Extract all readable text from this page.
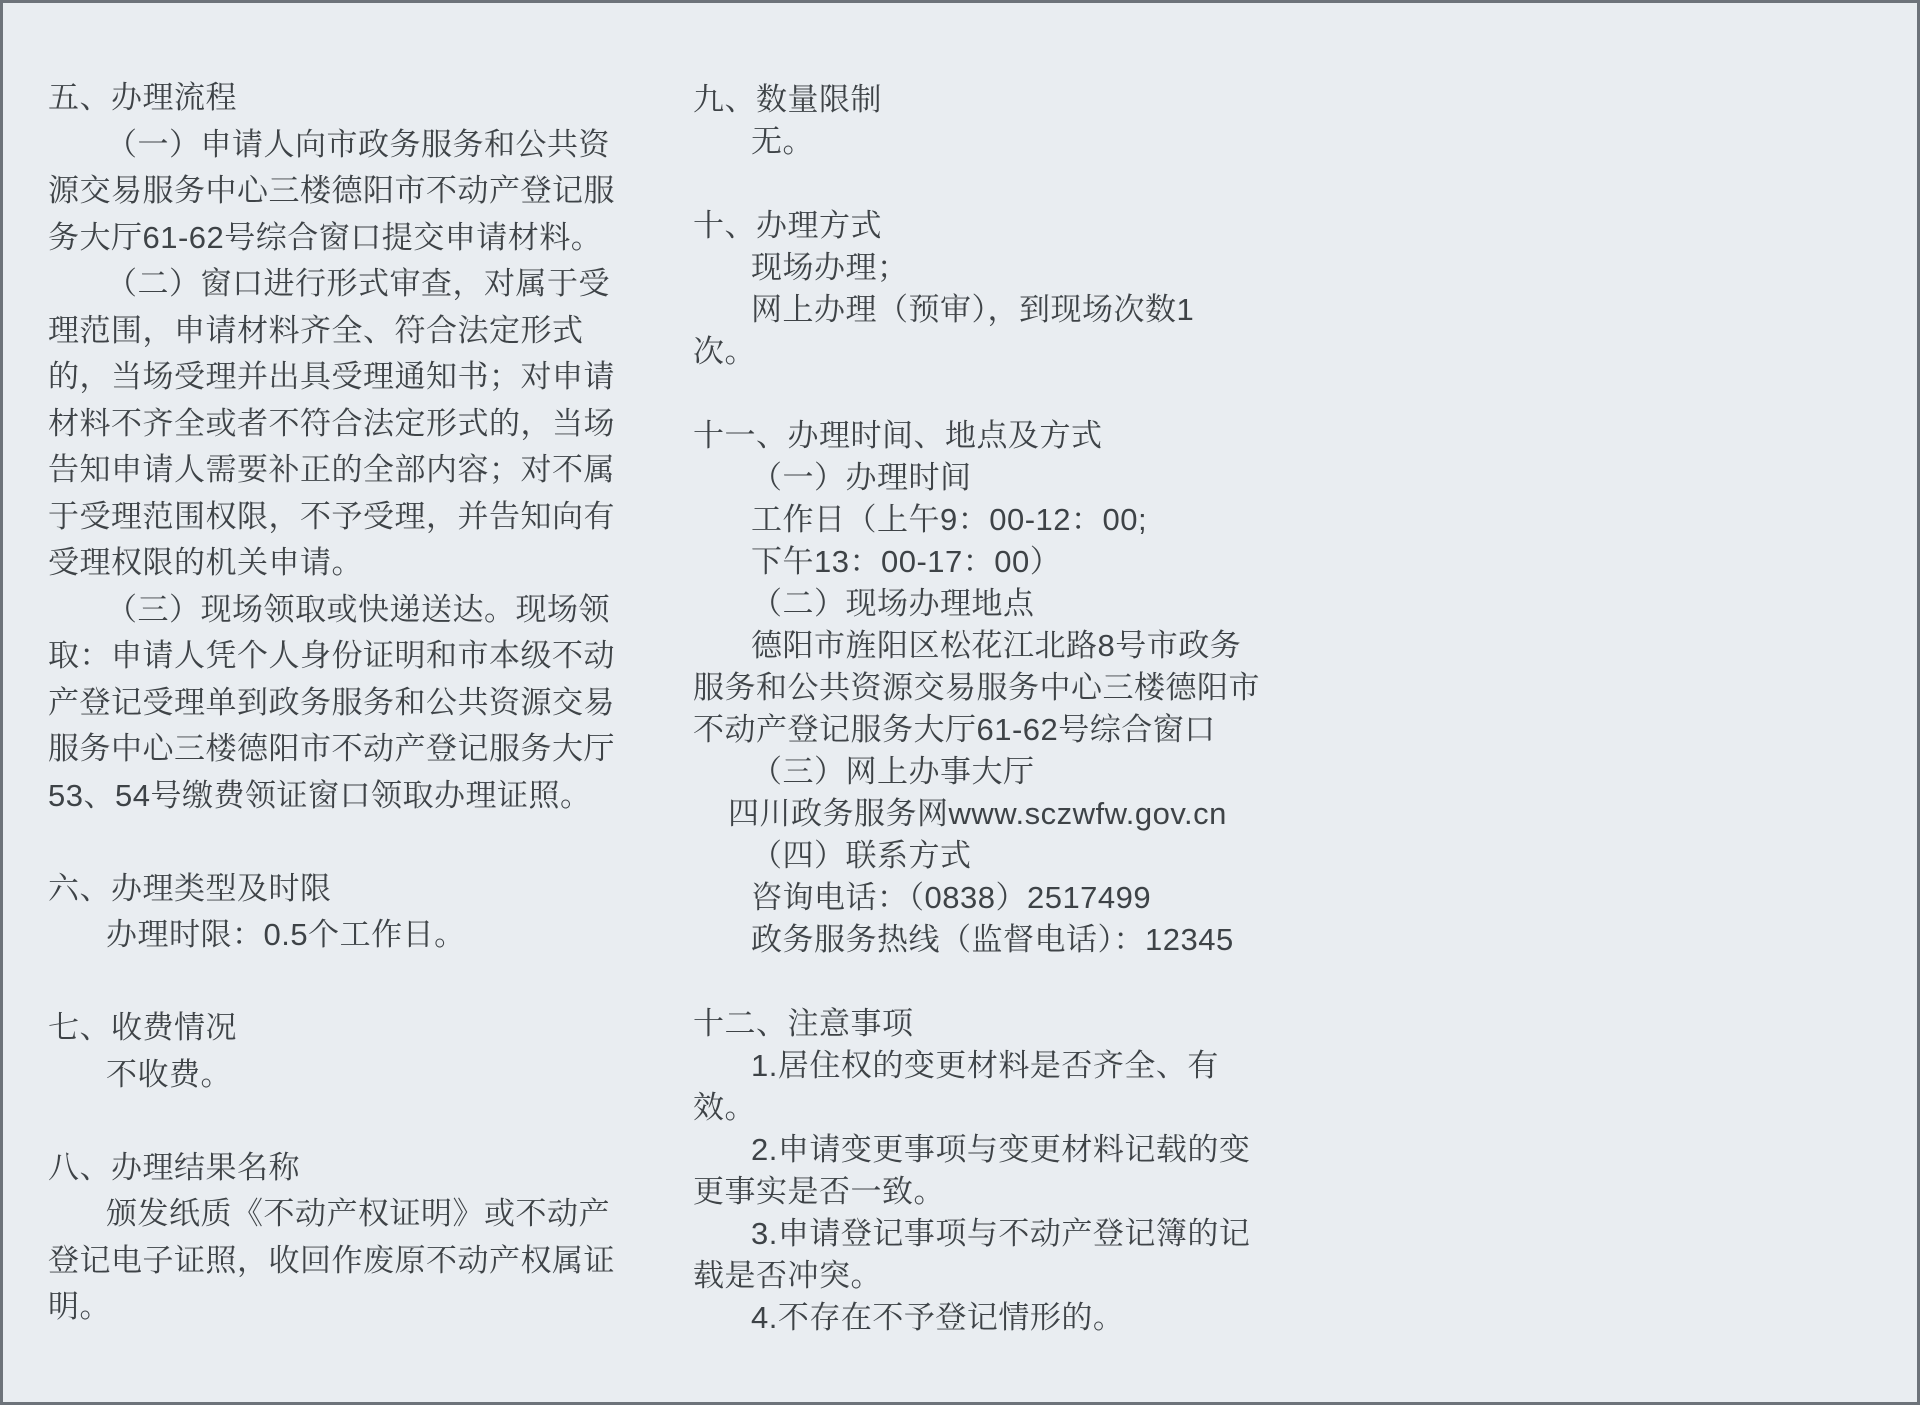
五、办理流程
（一）申请人向市政务服务和公共资
源交易服务中心三楼德阳市不动产登记服
务大厅61-62号综合窗口提交申请材料。
（二）窗口进行形式审查，对属于受
理范围，申请材料齐全、符合法定形式
的，当场受理并出具受理通知书；对申请
材料不齐全或者不符合法定形式的，当场
告知申请人需要补正的全部内容；对不属
于受理范围权限，不予受理，并告知向有
受理权限的机关申请。
（三）现场领取或快递送达。现场领
取：申请人凭个人身份证明和市本级不动
产登记受理单到政务服务和公共资源交易
服务中心三楼德阳市不动产登记服务大厅
53、54号缴费领证窗口领取办理证照。
六、办理类型及时限
办理时限：0.5个工作日。
七、收费情况
不收费。
八、办理结果名称
颁发纸质《不动产权证明》或不动产
登记电子证照，收回作废原不动产权属证
明。
九、数量限制
无。
十、办理方式
现场办理；
网上办理（预审），到现场次数1
次。
十一、办理时间、地点及方式
（一）办理时间
工作日（上午9：00-12：00;
下午13：00-17：00）
（二）现场办理地点
德阳市旌阳区松花江北路8号市政务
服务和公共资源交易服务中心三楼德阳市
不动产登记服务大厅61-62号综合窗口
（三）网上办事大厅
四川政务服务网www.sczwfw.gov.cn
（四）联系方式
咨询电话：（0838）2517499
政务服务热线（监督电话）：12345
十二、注意事项
1.居住权的变更材料是否齐全、有
效。
2.申请变更事项与变更材料记载的变
更事实是否一致。
3.申请登记事项与不动产登记簿的记
载是否冲突。
4.不存在不予登记情形的。
